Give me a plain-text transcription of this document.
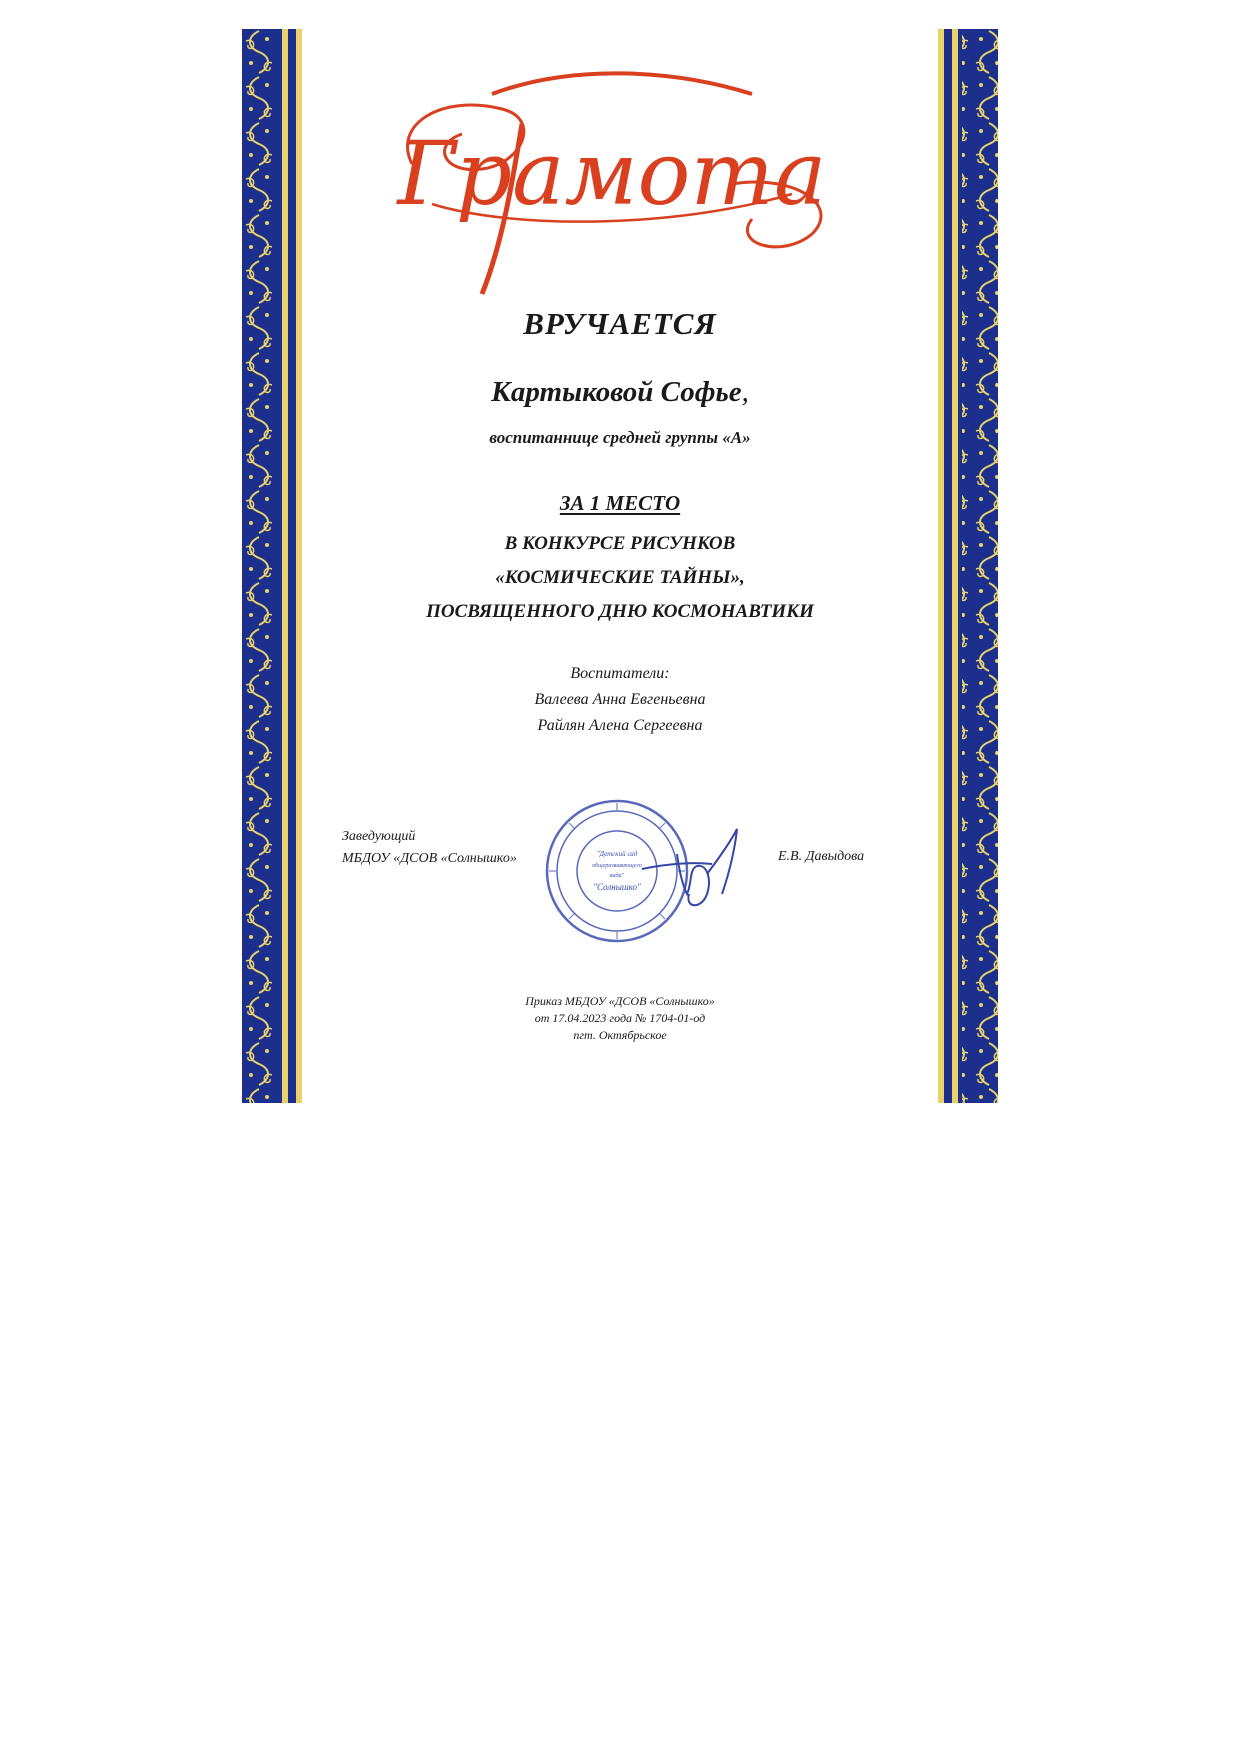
Грамота
ВРУЧАЕТСЯ
Картыковой Софье,
воспитаннице средней группы «А»
ЗА 1 МЕСТО
В КОНКУРСЕ РИСУНКОВ
«КОСМИЧЕСКИЕ ТАЙНЫ»,
ПОСВЯЩЕННОГО ДНЮ КОСМОНАВТИКИ
Воспитатели:
Валеева Анна Евгеньевна
Райлян Алена Сергеевна
Заведующий
МБДОУ «ДСОВ «Солнышко»	"Детский сад
общеразвивающего
вида"
"Солнышко"
Е.В. Давыдова
Приказ МБДОУ «ДСОВ «Солнышко»
от 17.04.2023 года № 1704-01-од
пгт. Октябрьское
